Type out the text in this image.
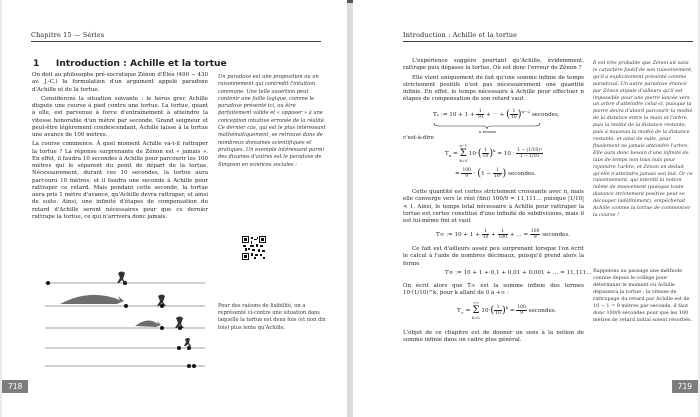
Chapitre 15 — Séries
1 Introduction : Achille et la tortue

On doit au philosophe pré-socratique Zénon d'Élée (490 − 430 av. J.-C.) la formulation d'un argument appelé paradoxe d'Achille et de la tortue.

Considérons la situation suivante : le héros grec Achille dispute une course à pied contre une tortue. La tortue, quant à elle, est parvenue à force d'entraînement à atteindre la vitesse honorable d'un mètre par seconde. Grand seigneur et peut-être légèrement condescendant, Achille laisse à la tortue une avance de 100 mètres.

La course commence. À quel moment Achille va-t-il rattraper la tortue ? La réponse surprenante de Zénon est « jamais ». En effet, il faudra 10 secondes à Achille pour parcourir les 100 mètres qui le séparent du point de départ de la tortue. Nécessairement, durant ces 10 secondes, la tortue aura parcouru 10 mètres, et il faudra une seconde à Achille pour rattraper ce retard. Mais pendant cette seconde, la tortue aura pris 1 mètre d'avance, qu'Achille devra rattraper, et ainsi de suite. Ainsi, une infinité d'étapes de compensation du retard d'Achille seront nécessaires pour que ce dernier rattrape la tortue, ce qui n'arrivera donc jamais.

Un paradoxe est une proposition ou un raisonnement qui contredit l'intuition commune. Une telle assertion peut contenir une faille logique, comme le paradoxe présenté ici, ou être parfaitement valide et « opposer » à une conception intuitive erronée de la réalité. Ce dernier cas, qui est le plus intéressant mathématiquement, se retrouve dans de nombreux domaines scientifiques et pratiques. Un exemple intéressant parmi des dizaines d'autres est le paradoxe de Simpson en sciences sociales :
Pour des raisons de lisibilité, on a représenté ci-contre une situation dans laquelle la tortue est deux fois (et non dix fois) plus lente qu'Achille.
718
Introduction : Achille et la tortue

L'expérience suggère pourtant qu'Achille, évidemment, rattrape puis dépasse la tortue. Où est donc l'erreur de Zénon ?

Elle vient uniquement du fait qu'une somme infinie de temps strictement positifs n'est pas nécessairement une quantité infinie. En effet, le temps nécessaire à Achille pour effectuer n étapes de compensation de son retard vaut

Tₙ := $10 + 1 + \frac{1}{10}$ + ⋯ + ( $\frac{1}{10} )^{n-2}$
n termes
secondes,

c'est-à-dire

$T_n = n-1$
Σ
k=0 $10\cdot( \frac{1}{10} )^k = 10 \cdot \frac{\text{1 − (1/10)ⁿ}}{1 - 1/10}$
= $\frac{100}{9} \cdot (1 - \frac{1}{\text{10ⁿ}}$ ) secondes.

Cette quantité est certes strictement croissante avec n, mais elle converge vers le réel (fini) 100/9 = 11,111… puisque |1/10| < 1. Ainsi, le temps total nécessaire à Achille pour rattraper la tortue est certes constitué d'une infinité de subdivisions, mais il est lui-même fini et vaut

T∞ := $10 + 1 + \frac{1}{10} + \frac{1}{100}$ + … = $\frac{100}{9}$ secondes.

Ce fait est d'ailleurs assez peu surprenant lorsque l'on écrit le calcul à l'aide de nombres décimaux, puisqu'il prend alors la forme

T∞ := 10 + 1 + 0,1 + 0,01 + 0,001 + … = 11,111…

On écrit alors que T∞ est la somme infinie des termes 10·(1/10)^k, pour k allant de 0 à +∞ :

$T_\infty$ = +∞
Σ
k=0 $10\cdot( \frac{1}{10} )^k = \frac{100}{9}$ secondes.

L'objet de ce chapitre est de donner un sens à la notion de somme infinie dans un cadre plus général.

Il est très probable que Zénon ait saisi le caractère fautif de son raisonnement, qu'il a explicitement présenté comme paradoxal. Un autre paradoxe énoncé par Zénon stipule d'ailleurs qu'il est impossible pour une pierre lancée vers un arbre d'atteindre celui-ci, puisque la pierre devra d'abord parcourir la moitié de la distance entre la main et l'arbre, puis la moitié de la distance restante, puis à nouveau la moitié de la distance restante, et ainsi de suite, pour finalement ne jamais atteindre l'arbre. Elle aura donc besoin d'une infinité de laps de temps non tous nuls pour rejoindre l'arbre, et Zénon en déduit qu'elle n'atteindra jamais son but. Or ce raisonnement, qui interdit la notion même de mouvement (puisque toute distance strictement positive peut se découper indéfiniment), empêcherait Achille comme la tortue de commencer la course !
Rappelons au passage une méthode connue depuis le collège pour déterminer le moment où Achille dépassera la tortue : la vitesse de rattrapage du retard par Achille est de 10 − 1 = 9 mètres par seconde, il faut donc 100/9 secondes pour que les 100 mètres de retard initial soient résorbés.
719
